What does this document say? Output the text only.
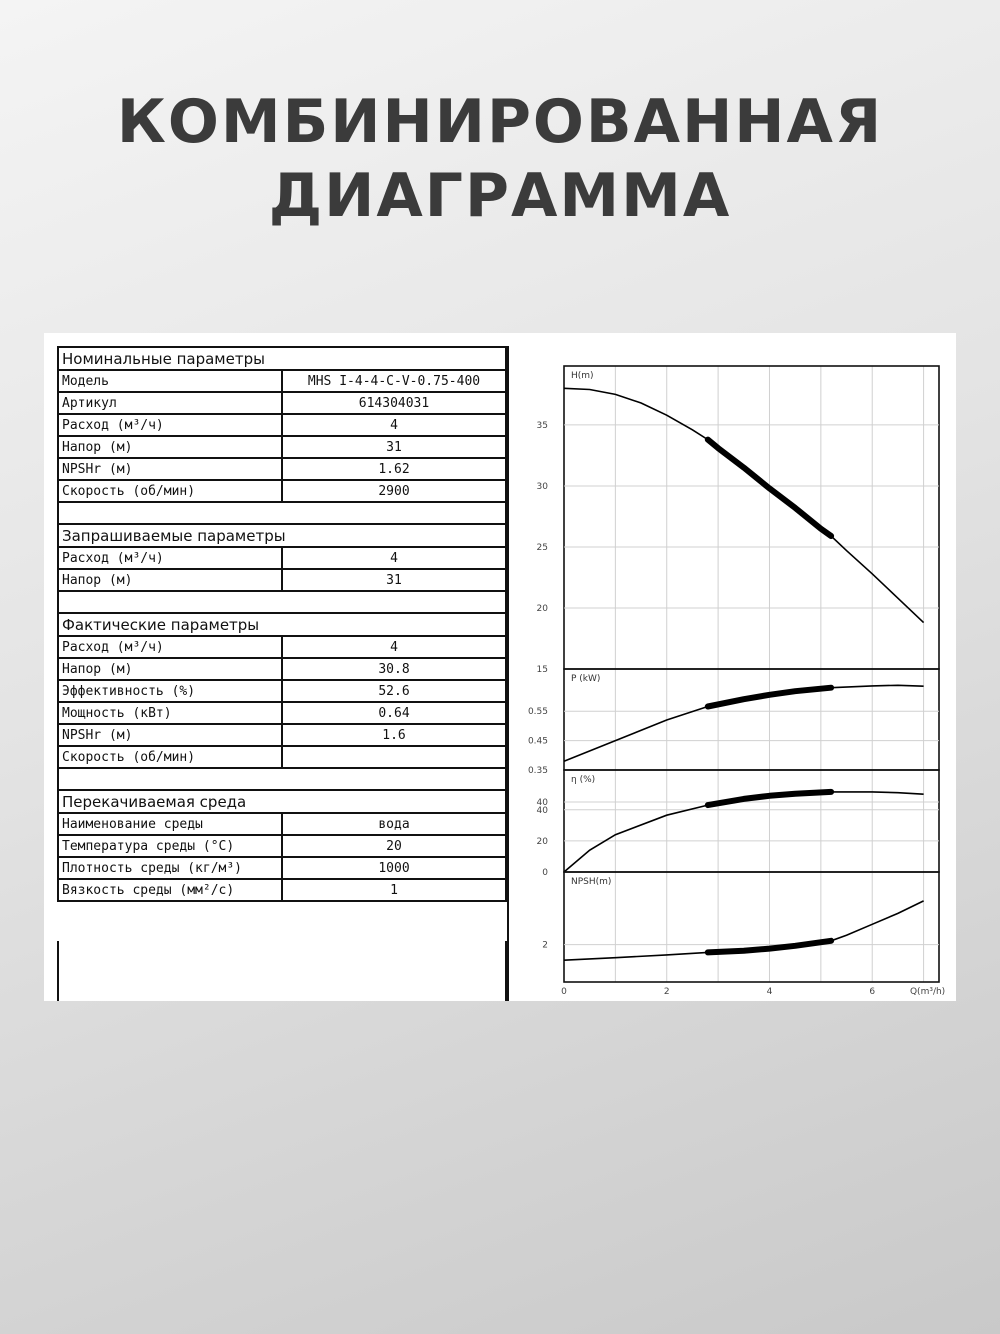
КОМБИНИРОВАННАЯ
ДИАГРАММА
Номинальные параметры	
Модель	MHS I-4-4-C-V-0.75-400
Артикул	614304031
Расход (м³/ч)	4
Напор (м)	31
NPSHr (м)	1.62
Скорость (об/мин)	2900

Запрашиваемые параметры	
Расход (м³/ч)	4
Напор (м)	31

Фактические параметры	
Расход (м³/ч)	4
Напор (м)	30.8
Эффективность (%)	52.6
Мощность (кВт)	0.64
NPSHr (м)	1.6
Скорость (об/мин)	

Перекачиваемая среда	
Наименование среды	вода
Температура среды (°C)	20
Плотность среды (кг/м³)	1000
Вязкость среды (мм²/с)	1
35
30
25
20
15
H(m)
0.55
0.45
0.35
P (kW)
40
40
20
0
η (%)
2
NPSH(m)
0	2	4	6	Q(m³/h)
